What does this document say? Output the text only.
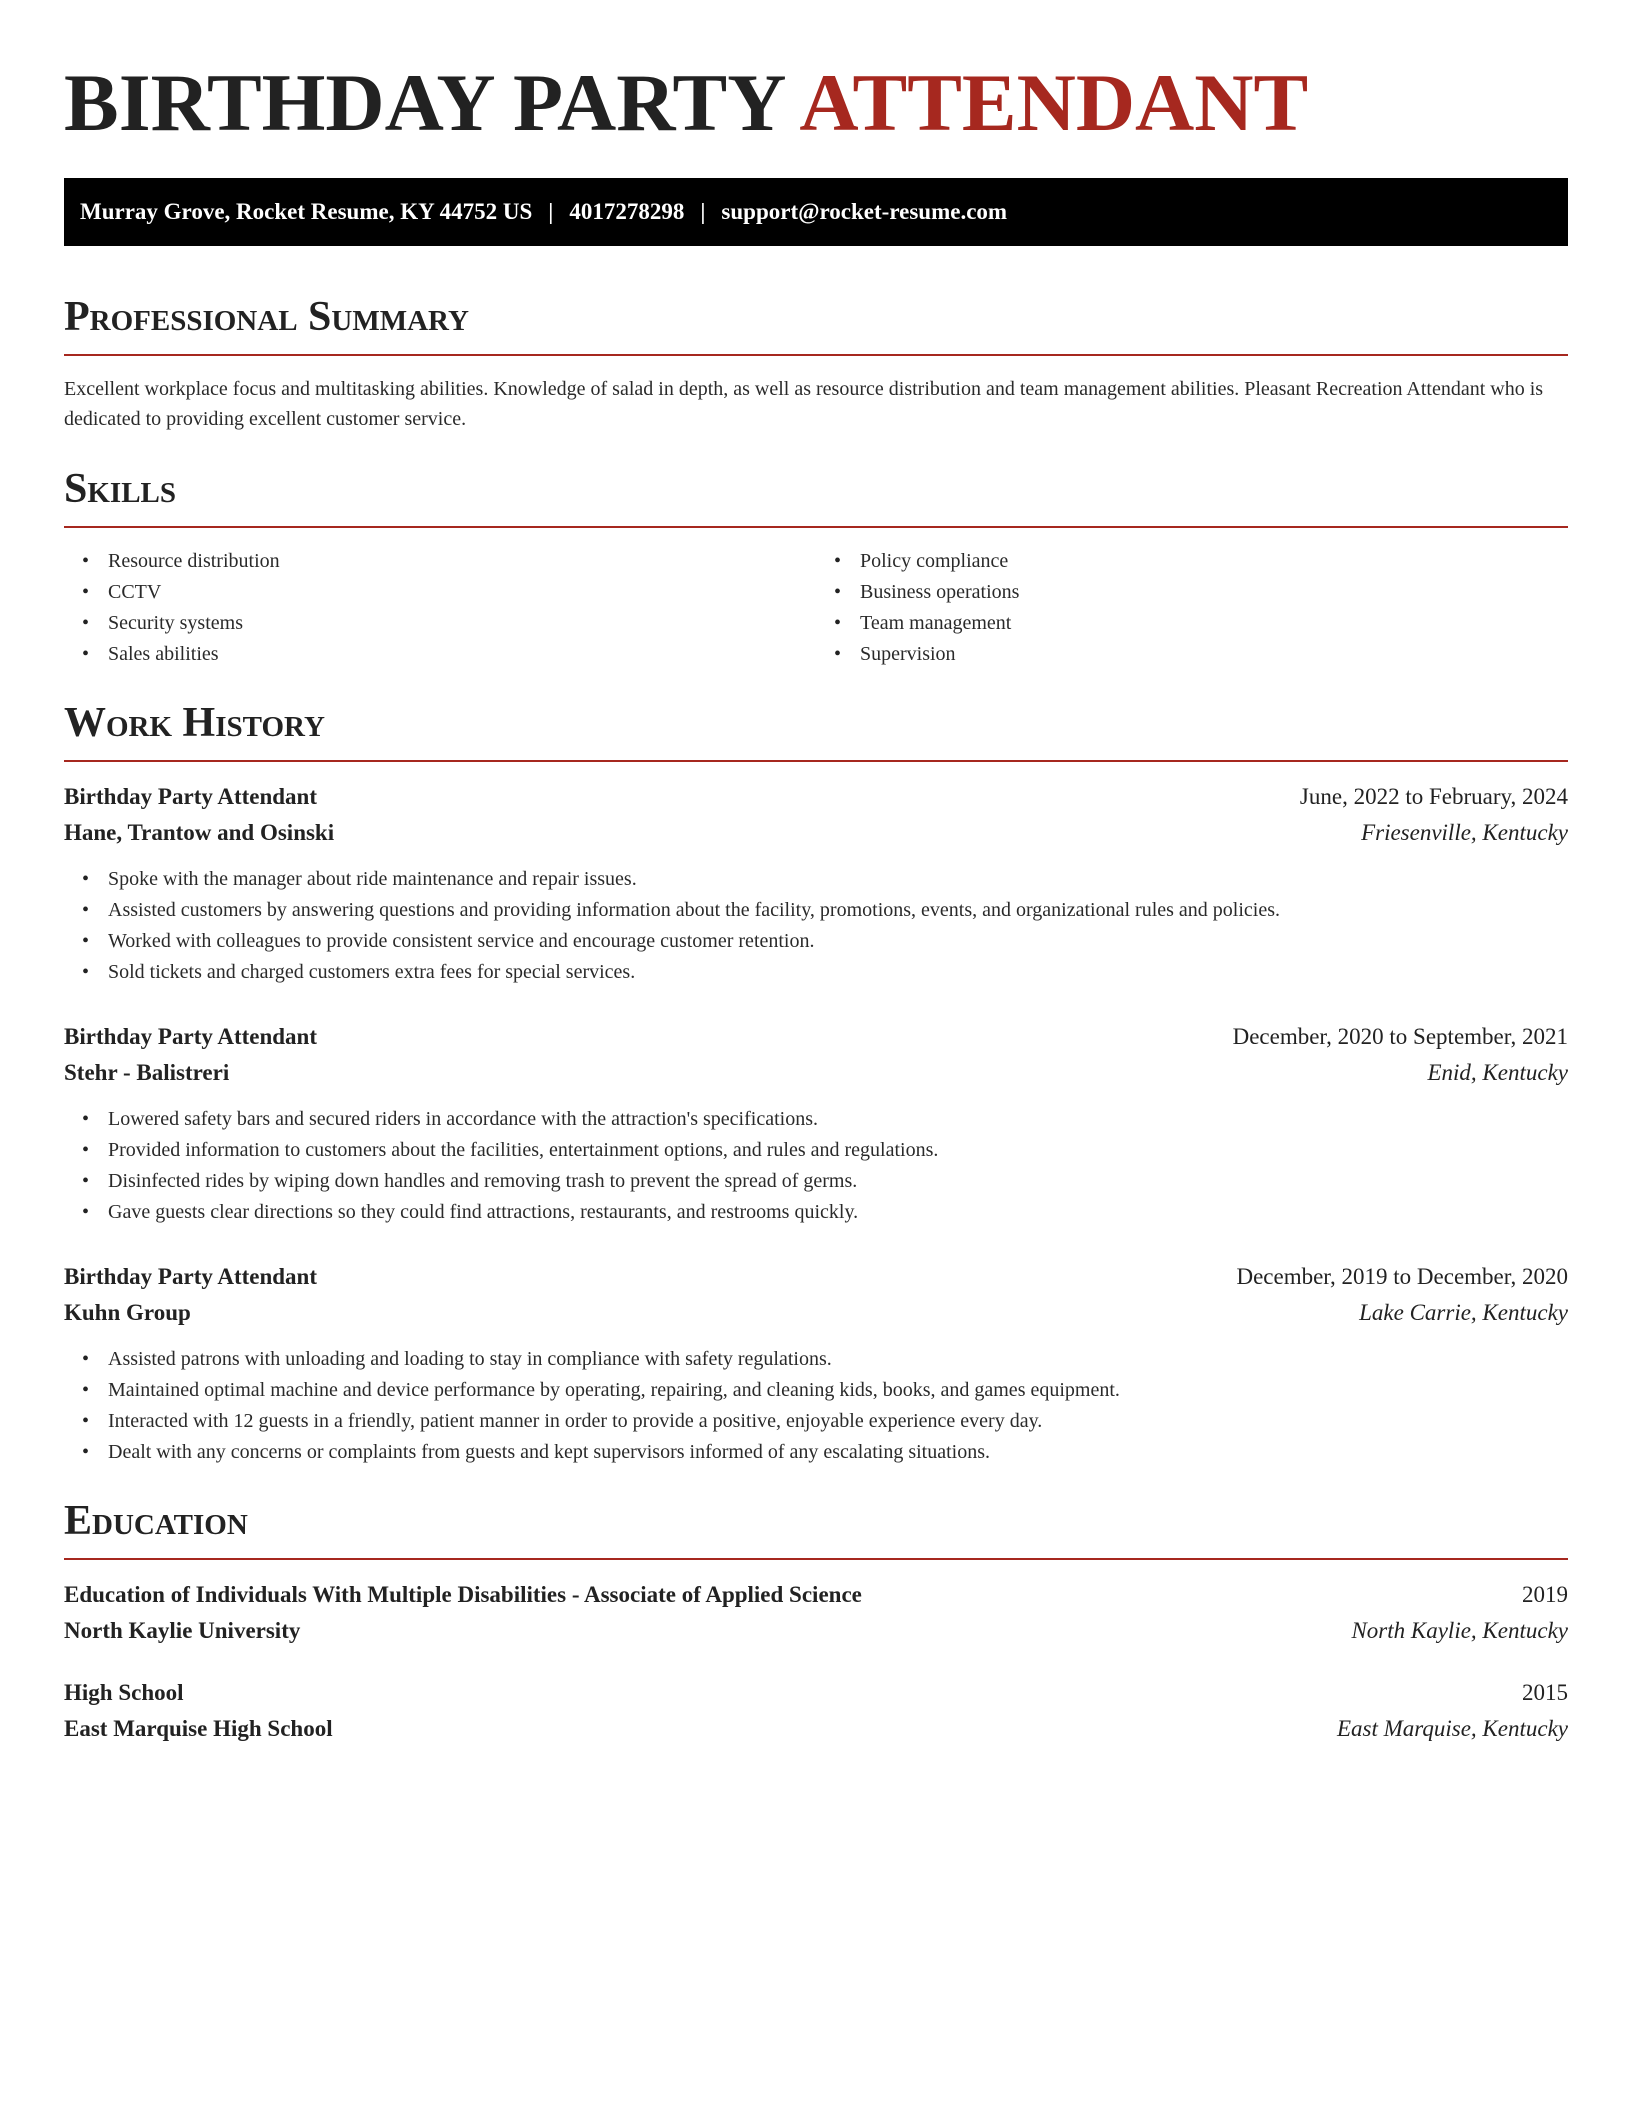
BIRTHDAY PARTY ATTENDANT
Murray Grove, Rocket Resume, KY 44752 US | 4017278298 | support@rocket-resume.com
Professional Summary

Excellent workplace focus and multitasking abilities. Knowledge of salad in depth, as well as resource distribution and team management abilities. Pleasant Recreation Attendant who is dedicated to providing excellent customer service.

Skills
• Resource distribution
• CCTV
• Security systems
• Sales abilities
• Policy compliance
• Business operations
• Team management
• Supervision
Work History
Birthday Party Attendant	June, 2022 to February, 2024
Hane, Trantow and Osinski	Friesenville, Kentucky
• Spoke with the manager about ride maintenance and repair issues.
• Assisted customers by answering questions and providing information about the facility, promotions, events, and organizational rules and policies.
• Worked with colleagues to provide consistent service and encourage customer retention.
• Sold tickets and charged customers extra fees for special services.
Birthday Party Attendant	December, 2020 to September, 2021
Stehr - Balistreri	Enid, Kentucky
• Lowered safety bars and secured riders in accordance with the attraction's specifications.
• Provided information to customers about the facilities, entertainment options, and rules and regulations.
• Disinfected rides by wiping down handles and removing trash to prevent the spread of germs.
• Gave guests clear directions so they could find attractions, restaurants, and restrooms quickly.
Birthday Party Attendant	December, 2019 to December, 2020
Kuhn Group	Lake Carrie, Kentucky
• Assisted patrons with unloading and loading to stay in compliance with safety regulations.
• Maintained optimal machine and device performance by operating, repairing, and cleaning kids, books, and games equipment.
• Interacted with 12 guests in a friendly, patient manner in order to provide a positive, enjoyable experience every day.
• Dealt with any concerns or complaints from guests and kept supervisors informed of any escalating situations.
Education
Education of Individuals With Multiple Disabilities - Associate of Applied Science	2019
North Kaylie University	North Kaylie, Kentucky
High School	2015
East Marquise High School	East Marquise, Kentucky
